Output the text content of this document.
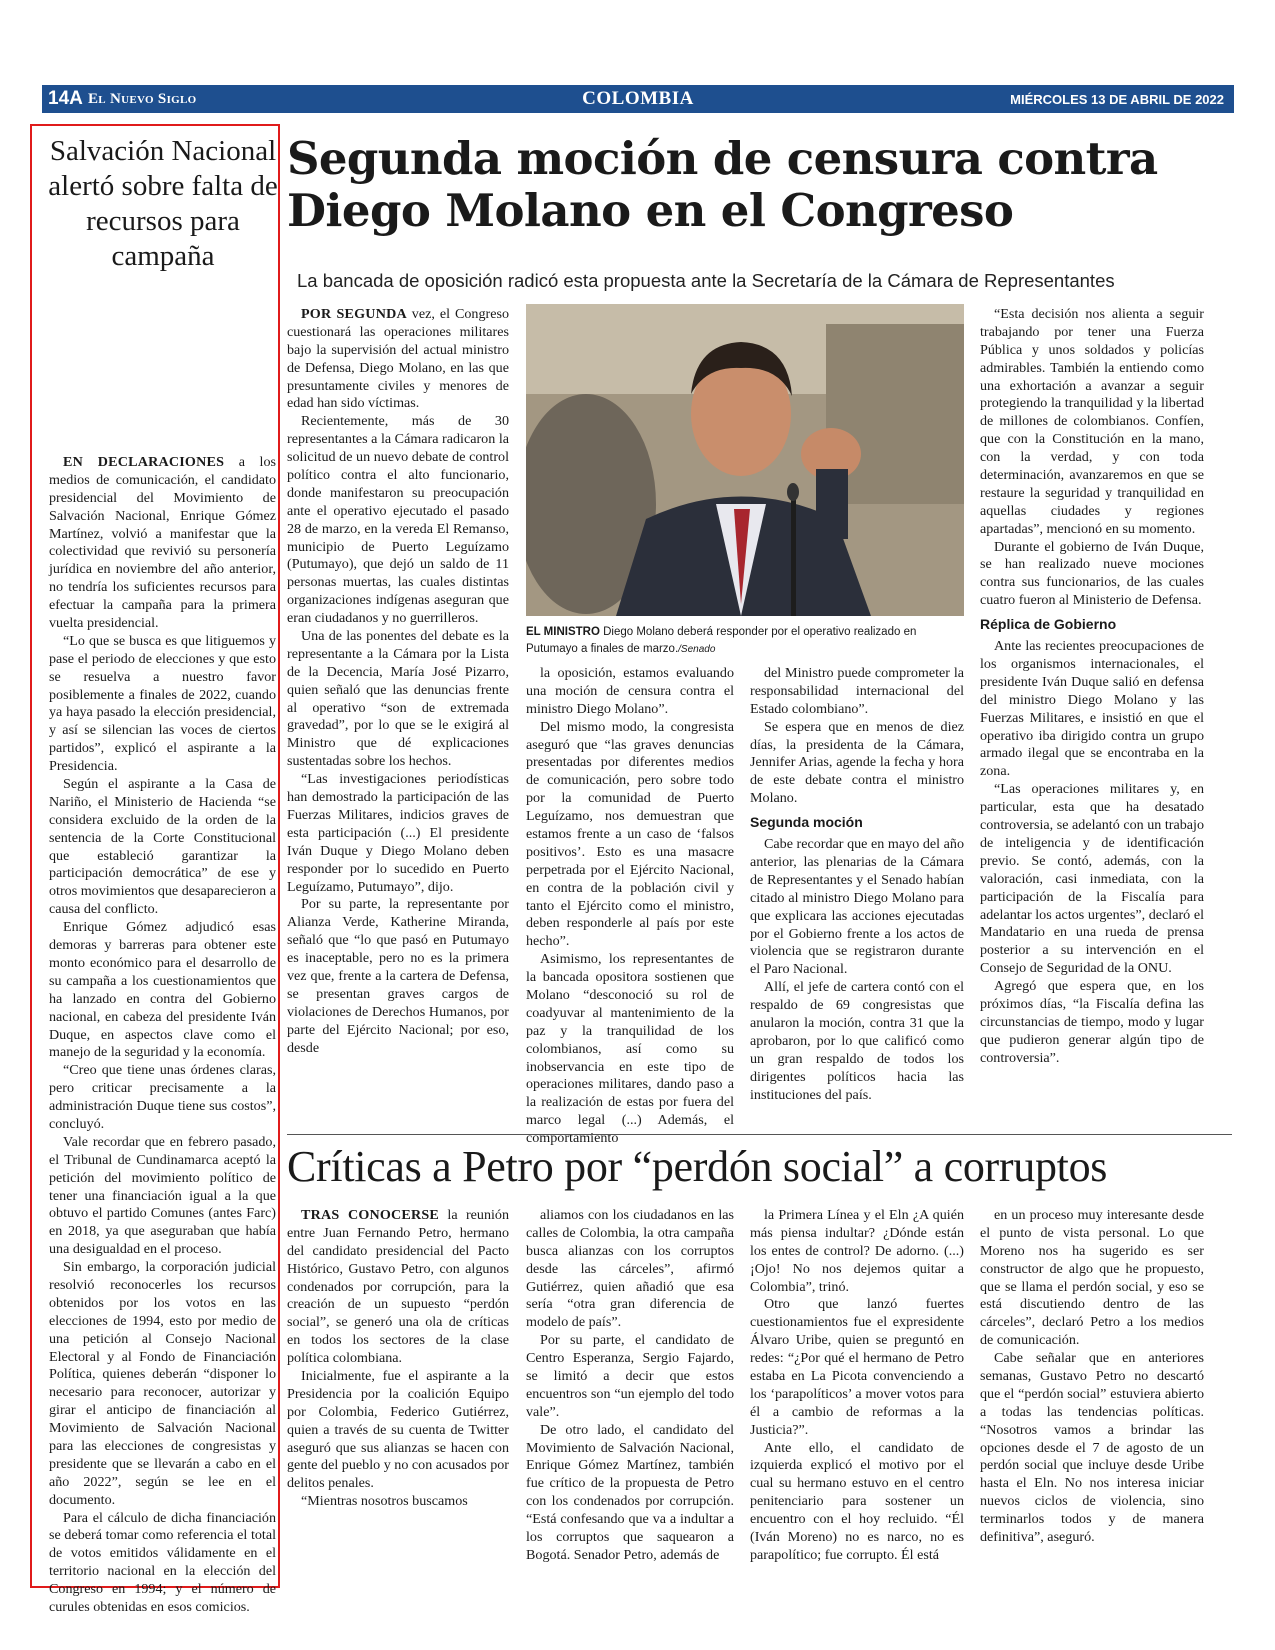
14A El Nuevo Siglo	COLOMBIA	MIÉRCOLES 13 DE ABRIL DE 2022
Salvación Nacional alertó sobre falta de recursos para campaña

EN DECLARACIONES a los medios de comunicación, el candidato presidencial del Movimiento de Salvación Nacional, Enrique Gómez Martínez, volvió a manifestar que la colectividad que revivió su personería jurídica en noviembre del año anterior, no tendría los suficientes recursos para efectuar la campaña para la primera vuelta presidencial.

“Lo que se busca es que litiguemos y pase el periodo de elecciones y que esto se resuelva a nuestro favor posiblemente a finales de 2022, cuando ya haya pasado la elección presidencial, y así se silencian las voces de ciertos partidos”, explicó el aspirante a la Presidencia.

Según el aspirante a la Casa de Nariño, el Ministerio de Hacienda “se considera excluido de la orden de la sentencia de la Corte Constitucional que estableció garantizar la participación democrática” de ese y otros movimientos que desaparecieron a causa del conflicto.

Enrique Gómez adjudicó esas demoras y barreras para obtener este monto económico para el desarrollo de su campaña a los cuestionamientos que ha lanzado en contra del Gobierno nacional, en cabeza del presidente Iván Duque, en aspectos clave como el manejo de la seguridad y la economía.

“Creo que tiene unas órdenes claras, pero criticar precisamente a la administración Duque tiene sus costos”, concluyó.

Vale recordar que en febrero pasado, el Tribunal de Cundinamarca aceptó la petición del movimiento político de tener una financiación igual a la que obtuvo el partido Comunes (antes Farc) en 2018, ya que aseguraban que había una desigualdad en el proceso.

Sin embargo, la corporación judicial resolvió reconocerles los recursos obtenidos por los votos en las elecciones de 1994, esto por medio de una petición al Consejo Nacional Electoral y al Fondo de Financiación Política, quienes deberán “disponer lo necesario para reconocer, autorizar y girar el anticipo de financiación al Movimiento de Salvación Nacional para las elecciones de congresistas y presidente que se llevarán a cabo en el año 2022”, según se lee en el documento.

Para el cálculo de dicha financiación se deberá tomar como referencia el total de votos emitidos válidamente en el territorio nacional en la elección del Congreso en 1994; y el número de curules obtenidas en esos comicios.

Segunda moción de censura contra Diego Molano en el Congreso
La bancada de oposición radicó esta propuesta ante la Secretaría de la Cámara de Representantes

POR SEGUNDA vez, el Congreso cuestionará las operaciones militares bajo la supervisión del actual ministro de Defensa, Diego Molano, en las que presuntamente civiles y menores de edad han sido víctimas.

Recientemente, más de 30 representantes a la Cámara radicaron la solicitud de un nuevo debate de control político contra el alto funcionario, donde manifestaron su preocupación ante el operativo ejecutado el pasado 28 de marzo, en la vereda El Remanso, municipio de Puerto Leguízamo (Putumayo), que dejó un saldo de 11 personas muertas, las cuales distintas organizaciones indígenas aseguran que eran ciudadanos y no guerrilleros.

Una de las ponentes del debate es la representante a la Cámara por la Lista de la Decencia, María José Pizarro, quien señaló que las denuncias frente al operativo “son de extremada gravedad”, por lo que se le exigirá al Ministro que dé explicaciones sustentadas sobre los hechos.

“Las investigaciones periodísticas han demostrado la participación de las Fuerzas Militares, indicios graves de esta participación (...) El presidente Iván Duque y Diego Molano deben responder por lo sucedido en Puerto Leguízamo, Putumayo”, dijo.

Por su parte, la representante por Alianza Verde, Katherine Miranda, señaló que “lo que pasó en Putumayo es inaceptable, pero no es la primera vez que, frente a la cartera de Defensa, se presentan graves cargos de violaciones de Derechos Humanos, por parte del Ejército Nacional; por eso, desde

EL MINISTRO Diego Molano deberá responder por el operativo realizado en Putumayo a finales de marzo./Senado

la oposición, estamos evaluando una moción de censura contra el ministro Diego Molano”.

Del mismo modo, la congresista aseguró que “las graves denuncias presentadas por diferentes medios de comunicación, pero sobre todo por la comunidad de Puerto Leguízamo, nos demuestran que estamos frente a un caso de ‘falsos positivos’. Esto es una masacre perpetrada por el Ejército Nacional, en contra de la población civil y tanto el Ejército como el ministro, deben responderle al país por este hecho”.

Asimismo, los representantes de la bancada opositora sostienen que Molano “desconoció su rol de coadyuvar al mantenimiento de la paz y la tranquilidad de los colombianos, así como su inobservancia en este tipo de operaciones militares, dando paso a la realización de estas por fuera del marco legal (...) Además, el comportamiento

del Ministro puede comprometer la responsabilidad internacional del Estado colombiano”.

Se espera que en menos de diez días, la presidenta de la Cámara, Jennifer Arias, agende la fecha y hora de este debate contra el ministro Molano.

Segunda moción

Cabe recordar que en mayo del año anterior, las plenarias de la Cámara de Representantes y el Senado habían citado al ministro Diego Molano para que explicara las acciones ejecutadas por el Gobierno frente a los actos de violencia que se registraron durante el Paro Nacional.

Allí, el jefe de cartera contó con el respaldo de 69 congresistas que anularon la moción, contra 31 que la aprobaron, por lo que calificó como un gran respaldo de todos los dirigentes políticos hacia las instituciones del país.

“Esta decisión nos alienta a seguir trabajando por tener una Fuerza Pública y unos soldados y policías admirables. También la entiendo como una exhortación a avanzar a seguir protegiendo la tranquilidad y la libertad de millones de colombianos. Confíen, que con la Constitución en la mano, con la verdad, y con toda determinación, avanzaremos en que se restaure la seguridad y tranquilidad en aquellas ciudades y regiones apartadas”, mencionó en su momento.

Durante el gobierno de Iván Duque, se han realizado nueve mociones contra sus funcionarios, de las cuales cuatro fueron al Ministerio de Defensa.

Réplica de Gobierno

Ante las recientes preocupaciones de los organismos internacionales, el presidente Iván Duque salió en defensa del ministro Diego Molano y las Fuerzas Militares, e insistió en que el operativo iba dirigido contra un grupo armado ilegal que se encontraba en la zona.

“Las operaciones militares y, en particular, esta que ha desatado controversia, se adelantó con un trabajo de inteligencia y de identificación previo. Se contó, además, con la valoración, casi inmediata, con la participación de la Fiscalía para adelantar los actos urgentes”, declaró el Mandatario en una rueda de prensa posterior a su intervención en el Consejo de Seguridad de la ONU.

Agregó que espera que, en los próximos días, “la Fiscalía defina las circunstancias de tiempo, modo y lugar que pudieron generar algún tipo de controversia”.

Críticas a Petro por “perdón social” a corruptos

TRAS CONOCERSE la reunión entre Juan Fernando Petro, hermano del candidato presidencial del Pacto Histórico, Gustavo Petro, con algunos condenados por corrupción, para la creación de un supuesto “perdón social”, se generó una ola de críticas en todos los sectores de la clase política colombiana.

Inicialmente, fue el aspirante a la Presidencia por la coalición Equipo por Colombia, Federico Gutiérrez, quien a través de su cuenta de Twitter aseguró que sus alianzas se hacen con gente del pueblo y no con acusados por delitos penales.

“Mientras nosotros buscamos

aliamos con los ciudadanos en las calles de Colombia, la otra campaña busca alianzas con los corruptos desde las cárceles”, afirmó Gutiérrez, quien añadió que esa sería “otra gran diferencia de modelo de país”.

Por su parte, el candidato de Centro Esperanza, Sergio Fajardo, se limitó a decir que estos encuentros son “un ejemplo del todo vale”.

De otro lado, el candidato del Movimiento de Salvación Nacional, Enrique Gómez Martínez, también fue crítico de la propuesta de Petro con los condenados por corrupción. “Está confesando que va a indultar a los corruptos que saquearon a Bogotá. Senador Petro, además de

la Primera Línea y el Eln ¿A quién más piensa indultar? ¿Dónde están los entes de control? De adorno. (...) ¡Ojo! No nos dejemos quitar a Colombia”, trinó.

Otro que lanzó fuertes cuestionamientos fue el expresidente Álvaro Uribe, quien se preguntó en redes: “¿Por qué el hermano de Petro estaba en La Picota convenciendo a los ‘parapolíticos’ a mover votos para él a cambio de reformas a la Justicia?”.

Ante ello, el candidato de izquierda explicó el motivo por el cual su hermano estuvo en el centro penitenciario para sostener un encuentro con el hoy recluido. “Él (Iván Moreno) no es narco, no es parapolítico; fue corrupto. Él está

en un proceso muy interesante desde el punto de vista personal. Lo que Moreno nos ha sugerido es ser constructor de algo que he propuesto, que se llama el perdón social, y eso se está discutiendo dentro de las cárceles”, declaró Petro a los medios de comunicación.

Cabe señalar que en anteriores semanas, Gustavo Petro no descartó que el “perdón social” estuviera abierto a todas las tendencias políticas. “Nosotros vamos a brindar las opciones desde el 7 de agosto de un perdón social que incluye desde Uribe hasta el Eln. No nos interesa iniciar nuevos ciclos de violencia, sino terminarlos todos y de manera definitiva”, aseguró.
